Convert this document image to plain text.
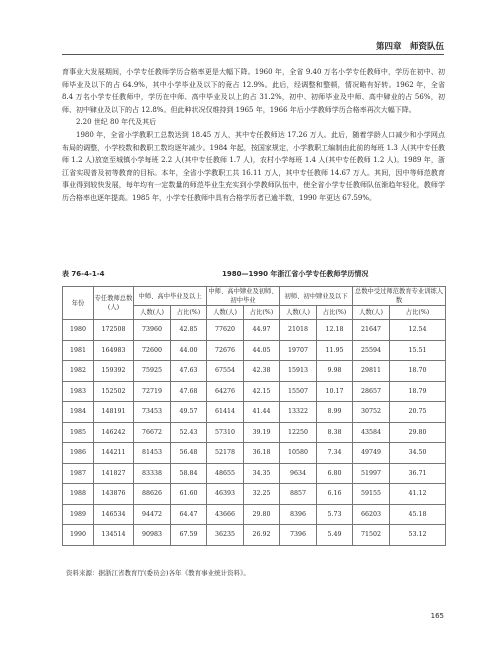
第四章　师资队伍

育事业大发展期间，小学专任教师学历合格率更是大幅下降。1960 年，全省 9.40 万名小学专任教师中，学历在初中、初师毕业及以下的占 64.9%，其中小学毕业及以下的竟占 12.9%。此后，经调整和整顿，情况略有好转。1962 年，全省 8.4 万名小学专任教师中，学历在中师、高中毕业及以上的占 31.2%，初中、初师毕业及中师、高中肄业的占 56%，初师、初中肄业及以下的占 12.8%。但此种状况仅维持到 1965 年，1966 年后小学教师学历合格率再次大幅下降。

2.20 世纪 80 年代及其后

1980 年，全省小学教职工总数达到 18.45 万人，其中专任教师达 17.26 万人。此后，随着学龄人口减少和小学网点布局的调整，小学校数和教职工数均逐年减少。1984 年起，按国家规定，小学教职工编制由此前的每班 1.3 人(其中专任教师 1.2 人)放宽至城镇小学每班 2.2 人(其中专任教师 1.7 人)，农村小学每班 1.4 人(其中专任教师 1.2 人)。1989 年，浙江省实现普及初等教育的目标。本年，全省小学教职工共 16.11 万人，其中专任教师 14.67 万人。其间，因中等师范教育事业得到较快发展，每年均有一定数量的师范毕业生充实到小学教师队伍中，使全省小学专任教师队伍渐趋年轻化，教师学历合格率也逐年提高。1985 年，小学专任教师中具有合格学历者已逾半数，1990 年更达 67.59%。

表 76-4-1-4	1980—1990 年浙江省小学专任教师学历情况
年份	专任教师总数(人)	中师、高中毕业及以上		中师、高中肄业及初师、初中毕业		初师、初中肄业及以下		总数中受过师范教育专业训练人数	
		人数(人)	占比(%)	人数(人)	占比(%)	人数(人)	占比(%)	人数(人)	占比(%)
1980	172508	73960	42.85	77620	44.97	21018	12.18	21647	12.54
1981	164983	72600	44.00	72676	44.05	19707	11.95	25594	15.51
1982	159392	75925	47.63	67554	42.38	15913	9.98	29811	18.70
1983	152502	72719	47.68	64276	42.15	15507	10.17	28657	18.79
1984	148191	73453	49.57	61414	41.44	13322	8.99	30752	20.75
1985	146242	76672	52.43	57310	39.19	12250	8.38	43584	29.80
1986	144211	81453	56.48	52178	36.18	10580	7.34	49749	34.50
1987	141827	83338	58.84	48655	34.35	9634	6.80	51997	36.71
1988	143876	88626	61.60	46393	32.25	8857	6.16	59155	41.12
1989	146534	94472	64.47	43666	29.80	8396	5.73	66203	45.18
1990	134514	90983	67.59	36235	26.92	7396	5.49	71502	53.12
资料来源：据浙江省教育厅(委员会)各年《教育事业统计资料》。
165
